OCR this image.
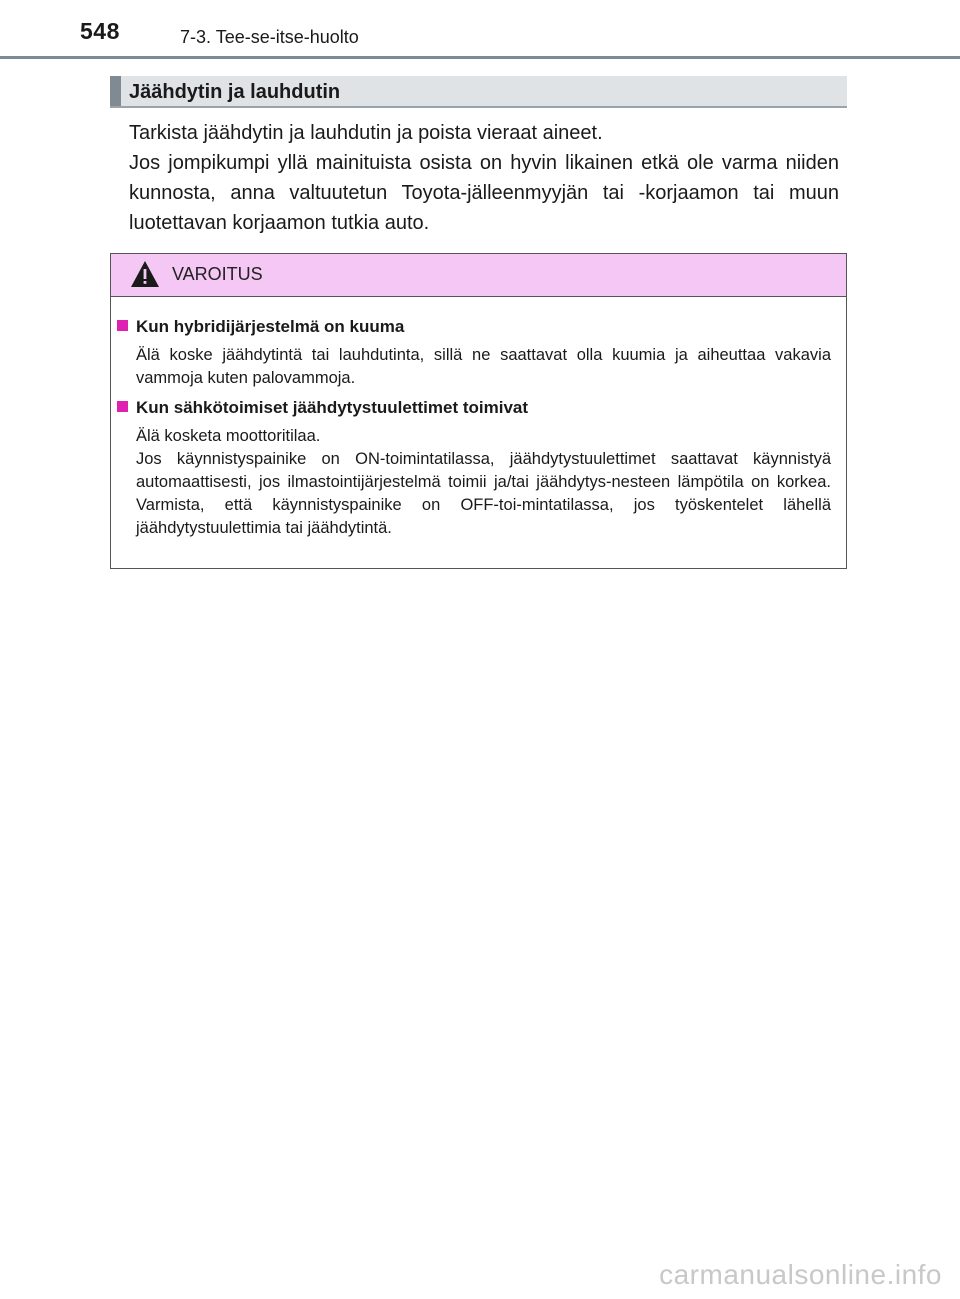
548	7-3. Tee-se-itse-huolto
Jäähdytin ja lauhdutin

Tarkista jäähdytin ja lauhdutin ja poista vieraat aineet.

Jos jompikumpi yllä mainituista osista on hyvin likainen etkä ole varma niiden kunnosta, anna valtuutetun Toyota-jälleenmyyjän tai -korjaamon tai muun luotettavan korjaamon tutkia auto.

VAROITUS
Kun hybridijärjestelmä on kuuma

Älä koske jäähdytintä tai lauhdutinta, sillä ne saattavat olla kuumia ja aiheuttaa vakavia vammoja kuten palovammoja.

Kun sähkötoimiset jäähdytystuulettimet toimivat

Älä kosketa moottoritilaa.

Jos käynnistyspainike on ON-toimintatilassa, jäähdytystuulettimet saattavat käynnistyä automaattisesti, jos ilmastointijärjestelmä toimii ja/tai jäähdytys-nesteen lämpötila on korkea. Varmista, että käynnistyspainike on OFF-toi-mintatilassa, jos työskentelet lähellä jäähdytystuulettimia tai jäähdytintä.

carmanualsonline.info
